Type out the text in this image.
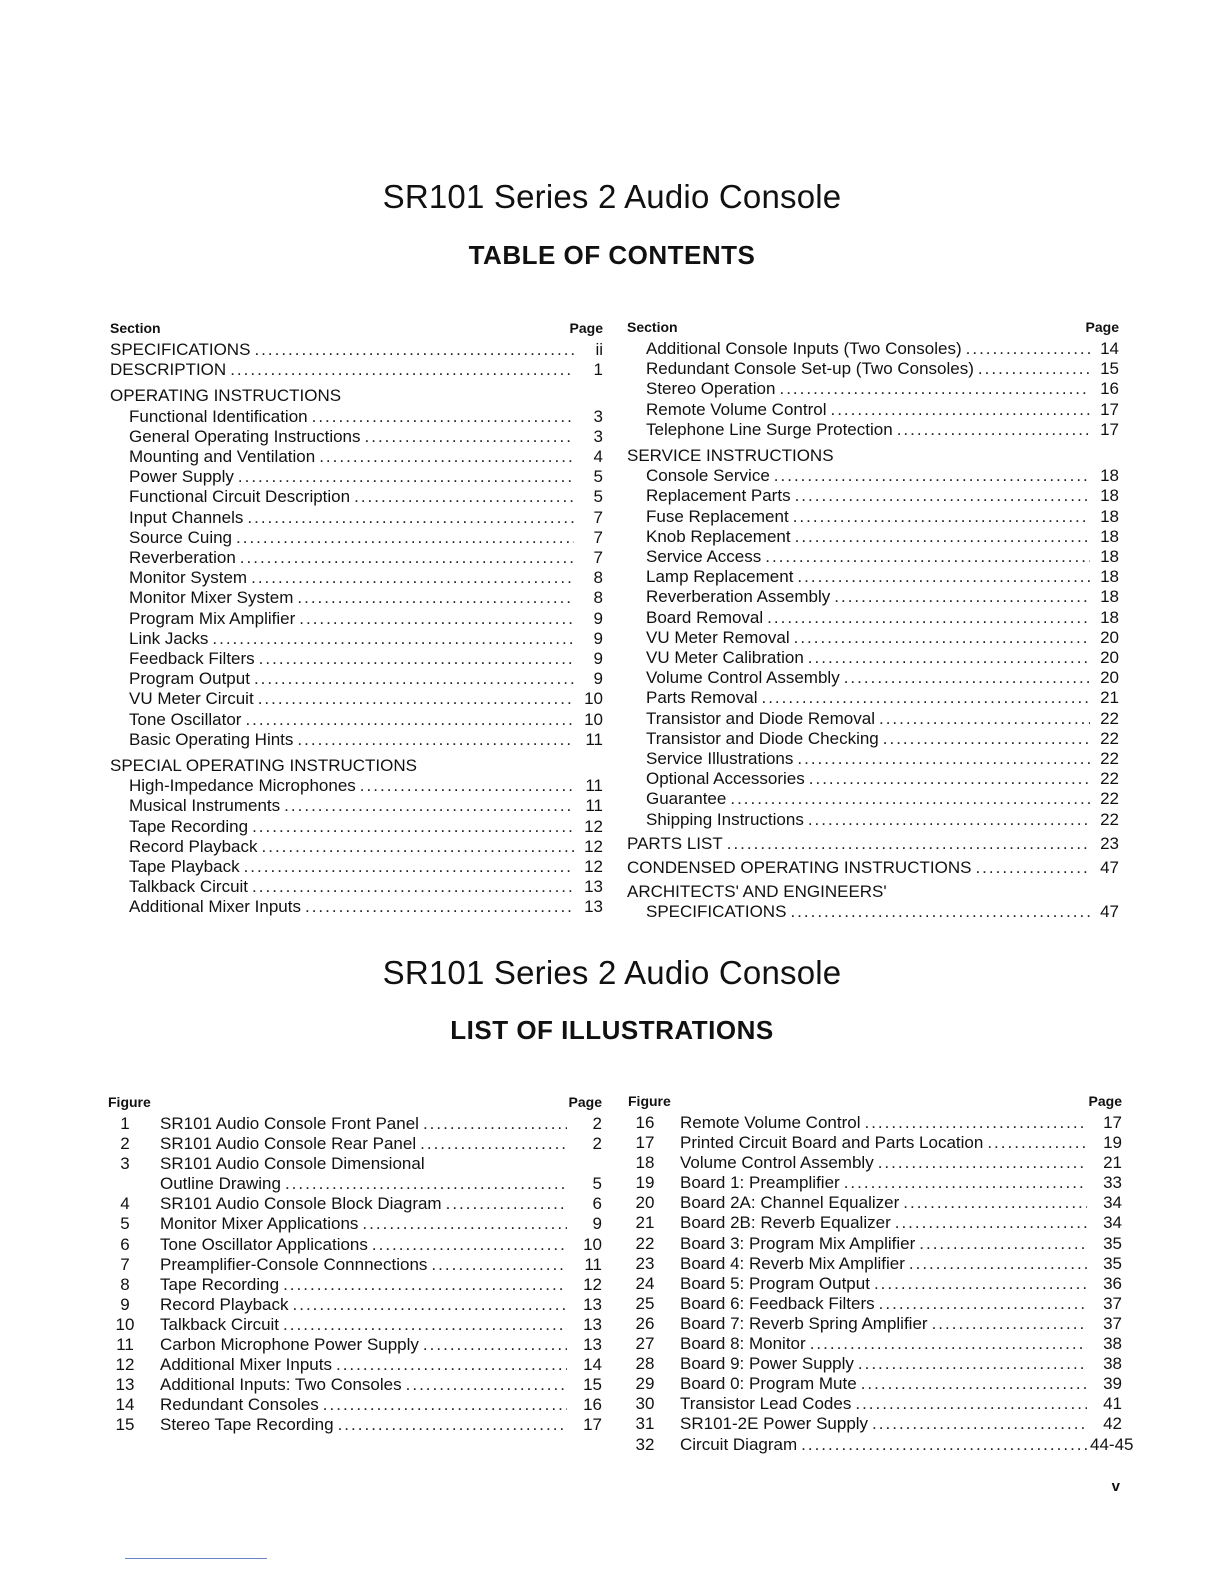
SR101 Series 2 Audio Console
TABLE OF CONTENTS
Section	Page
SPECIFICATIONS .....	ii
DESCRIPTION .....	1
OPERATING INSTRUCTIONS
Functional Identification .....	3
General Operating Instructions .....	3
Mounting and Ventilation .....	4
Power Supply .....	5
Functional Circuit Description .....	5
Input Channels .....	7
Source Cuing .....	7
Reverberation .....	7
Monitor System .....	8
Monitor Mixer System .....	8
Program Mix Amplifier .....	9
Link Jacks .....	9
Feedback Filters .....	9
Program Output .....	9
VU Meter Circuit .....	10
Tone Oscillator .....	10
Basic Operating Hints .....	11
SPECIAL OPERATING INSTRUCTIONS
High-Impedance Microphones .....	11
Musical Instruments .....	11
Tape Recording .....	12
Record Playback .....	12
Tape Playback .....	12
Talkback Circuit .....	13
Additional Mixer Inputs .....	13
Section	Page
Additional Console Inputs (Two Consoles) .....	14
Redundant Console Set-up (Two Consoles) .....	15
Stereo Operation .....	16
Remote Volume Control .....	17
Telephone Line Surge Protection .....	17
SERVICE INSTRUCTIONS
Console Service .....	18
Replacement Parts .....	18
Fuse Replacement .....	18
Knob Replacement .....	18
Service Access .....	18
Lamp Replacement .....	18
Reverberation Assembly .....	18
Board Removal .....	18
VU Meter Removal .....	20
VU Meter Calibration .....	20
Volume Control Assembly .....	20
Parts Removal .....	21
Transistor and Diode Removal .....	22
Transistor and Diode Checking .....	22
Service Illustrations .....	22
Optional Accessories .....	22
Guarantee .....	22
Shipping Instructions .....	22
PARTS LIST .....	23
CONDENSED OPERATING INSTRUCTIONS .....	47
ARCHITECTS' AND ENGINEERS'
SPECIFICATIONS .....	47
SR101 Series 2 Audio Console
LIST OF ILLUSTRATIONS
Figure	Page
1	SR101 Audio Console Front Panel .....	2
2	SR101 Audio Console Rear Panel .....	2
3	SR101 Audio Console Dimensional
Outline Drawing .....	5
4	SR101 Audio Console Block Diagram .....	6
5	Monitor Mixer Applications .....	9
6	Tone Oscillator Applications .....	10
7	Preamplifier-Console Connnections .....	11
8	Tape Recording .....	12
9	Record Playback .....	13
10	Talkback Circuit .....	13
11	Carbon Microphone Power Supply .....	13
12	Additional Mixer Inputs .....	14
13	Additional Inputs: Two Consoles .....	15
14	Redundant Consoles .....	16
15	Stereo Tape Recording .....	17
Figure	Page
16	Remote Volume Control .....	17
17	Printed Circuit Board and Parts Location .....	19
18	Volume Control Assembly .....	21
19	Board 1: Preamplifier .....	33
20	Board 2A: Channel Equalizer .....	34
21	Board 2B: Reverb Equalizer .....	34
22	Board 3: Program Mix Amplifier .....	35
23	Board 4: Reverb Mix Amplifier .....	35
24	Board 5: Program Output .....	36
25	Board 6: Feedback Filters .....	37
26	Board 7: Reverb Spring Amplifier .....	37
27	Board 8: Monitor .....	38
28	Board 9: Power Supply .....	38
29	Board 0: Program Mute .....	39
30	Transistor Lead Codes .....	41
31	SR101-2E Power Supply .....	42
32	Circuit Diagram .....	44-45
v
